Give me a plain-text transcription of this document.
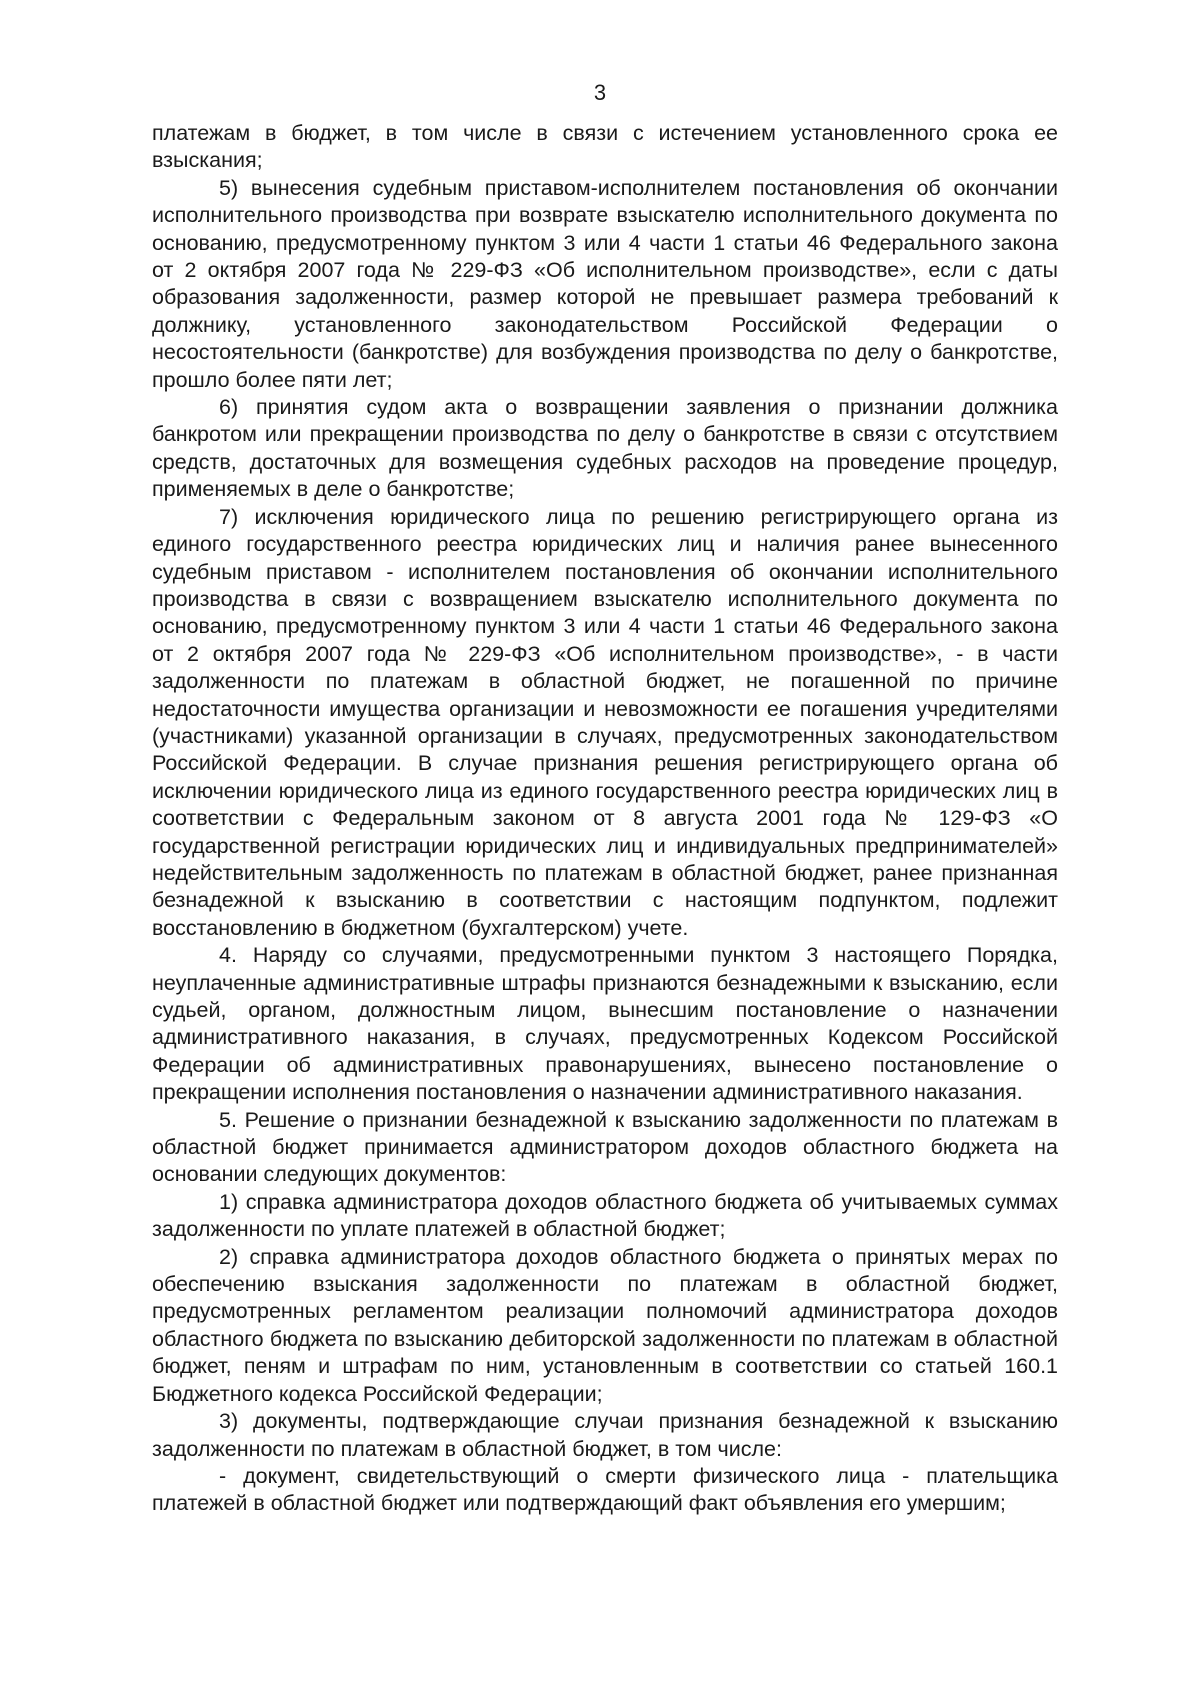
3

платежам в бюджет, в том числе в связи с истечением установленного срока ее взыскания;

5) вынесения судебным приставом-исполнителем постановления об окончании исполнительного производства при возврате взыскателю исполнительного документа по основанию, предусмотренному пунктом 3 или 4 части 1 статьи 46 Федерального закона от 2 октября 2007 года № 229-ФЗ «Об исполнительном производстве», если с даты образования задолженности, размер которой не превышает размера требований к должнику, установленного законодательством Российской Федерации о несостоятельности (банкротстве) для возбуждения производства по делу о банкротстве, прошло более пяти лет;

6) принятия судом акта о возвращении заявления о признании должника банкротом или прекращении производства по делу о банкротстве в связи с отсутствием средств, достаточных для возмещения судебных расходов на проведение процедур, применяемых в деле о банкротстве;

7) исключения юридического лица по решению регистрирующего органа из единого государственного реестра юридических лиц и наличия ранее вынесенного судебным приставом - исполнителем постановления об окончании исполнительного производства в связи с возвращением взыскателю исполнительного документа по основанию, предусмотренному пунктом 3 или 4 части 1 статьи 46 Федерального закона от 2 октября 2007 года № 229-ФЗ «Об исполнительном производстве», - в части задолженности по платежам в областной бюджет, не погашенной по причине недостаточности имущества организации и невозможности ее погашения учредителями (участниками) указанной организации в случаях, предусмотренных законодательством Российской Федерации. В случае признания решения регистрирующего органа об исключении юридического лица из единого государственного реестра юридических лиц в соответствии с Федеральным законом от 8 августа 2001 года № 129-ФЗ «О государственной регистрации юридических лиц и индивидуальных предпринимателей» недействительным задолженность по платежам в областной бюджет, ранее признанная безнадежной к взысканию в соответствии с настоящим подпунктом, подлежит восстановлению в бюджетном (бухгалтерском) учете.

4. Наряду со случаями, предусмотренными пунктом 3 настоящего Порядка, неуплаченные административные штрафы признаются безнадежными к взысканию, если судьей, органом, должностным лицом, вынесшим постановление о назначении административного наказания, в случаях, предусмотренных Кодексом Российской Федерации об административных правонарушениях, вынесено постановление о прекращении исполнения постановления о назначении административного наказания.

5. Решение о признании безнадежной к взысканию задолженности по платежам в областной бюджет принимается администратором доходов областного бюджета на основании следующих документов:

1) справка администратора доходов областного бюджета об учитываемых суммах задолженности по уплате платежей в областной бюджет;

2) справка администратора доходов областного бюджета о принятых мерах по обеспечению взыскания задолженности по платежам в областной бюджет, предусмотренных регламентом реализации полномочий администратора доходов областного бюджета по взысканию дебиторской задолженности по платежам в областной бюджет, пеням и штрафам по ним, установленным в соответствии со статьей 160.1 Бюджетного кодекса Российской Федерации;

3) документы, подтверждающие случаи признания безнадежной к взысканию задолженности по платежам в областной бюджет, в том числе:

- документ, свидетельствующий о смерти физического лица - плательщика платежей в областной бюджет или подтверждающий факт объявления его умершим;
